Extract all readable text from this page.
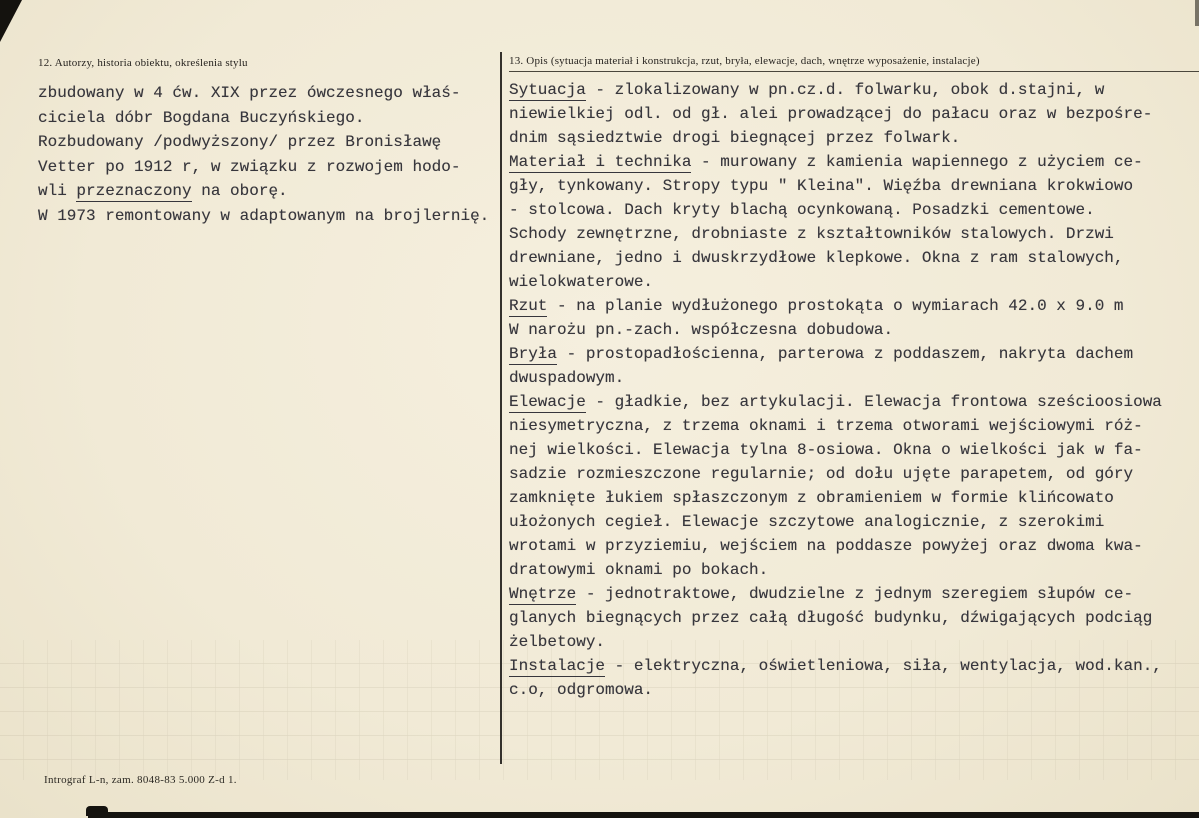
12. Autorzy, historia obiektu, określenia stylu
zbudowany w 4 ćw. XIX przez ówczesnego właś-
ciciela dóbr Bogdana Buczyńskiego.
Rozbudowany /podwyższony/ przez Bronisławę
Vetter po 1912 r, w związku z rozwojem hodo-
wli przeznaczony na oborę.
W 1973 remontowany w adaptowanym na brojlernię.
13. Opis (sytuacja materiał i konstrukcja, rzut, bryła, elewacje, dach, wnętrze wyposażenie, instalacje)
Sytuacja - zlokalizowany w pn.cz.d. folwarku, obok d.stajni, w
niewielkiej odl. od gł. alei prowadzącej do pałacu oraz w bezpośre-
dnim sąsiedztwie drogi biegnącej przez folwark.
Materiał i technika - murowany z kamienia wapiennego z użyciem ce-
gły, tynkowany. Stropy typu " Kleina". Więźba drewniana krokwiowo
- stolcowa. Dach kryty blachą ocynkowaną. Posadzki cementowe.
Schody zewnętrzne, drobniaste z kształtowników stalowych. Drzwi
drewniane, jedno i dwuskrzydłowe klepkowe. Okna z ram stalowych,
wielokwaterowe.
Rzut - na planie wydłużonego prostokąta o wymiarach 42.0 x 9.0 m
W narożu pn.-zach. współczesna dobudowa.
Bryła - prostopadłościenna, parterowa z poddaszem, nakryta dachem
dwuspadowym.
Elewacje - gładkie, bez artykulacji. Elewacja frontowa sześcioosiowa
niesymetryczna, z trzema oknami i trzema otworami wejściowymi róż-
nej wielkości. Elewacja tylna 8-osiowa. Okna o wielkości jak w fa-
sadzie rozmieszczone regularnie; od dołu ujęte parapetem, od góry
zamknięte łukiem spłaszczonym z obramieniem w formie klińcowato
ułożonych cegieł. Elewacje szczytowe analogicznie, z szerokimi
wrotami w przyziemiu, wejściem na poddasze powyżej oraz dwoma kwa-
dratowymi oknami po bokach.
Wnętrze - jednotraktowe, dwudzielne z jednym szeregiem słupów ce-
glanych biegnących przez całą długość budynku, dźwigających podciąg
żelbetowy.
Instalacje - elektryczna, oświetleniowa, siła, wentylacja, wod.kan.,
c.o, odgromowa.
Intrograf L-n, zam. 8048-83 5.000 Z-d 1.
